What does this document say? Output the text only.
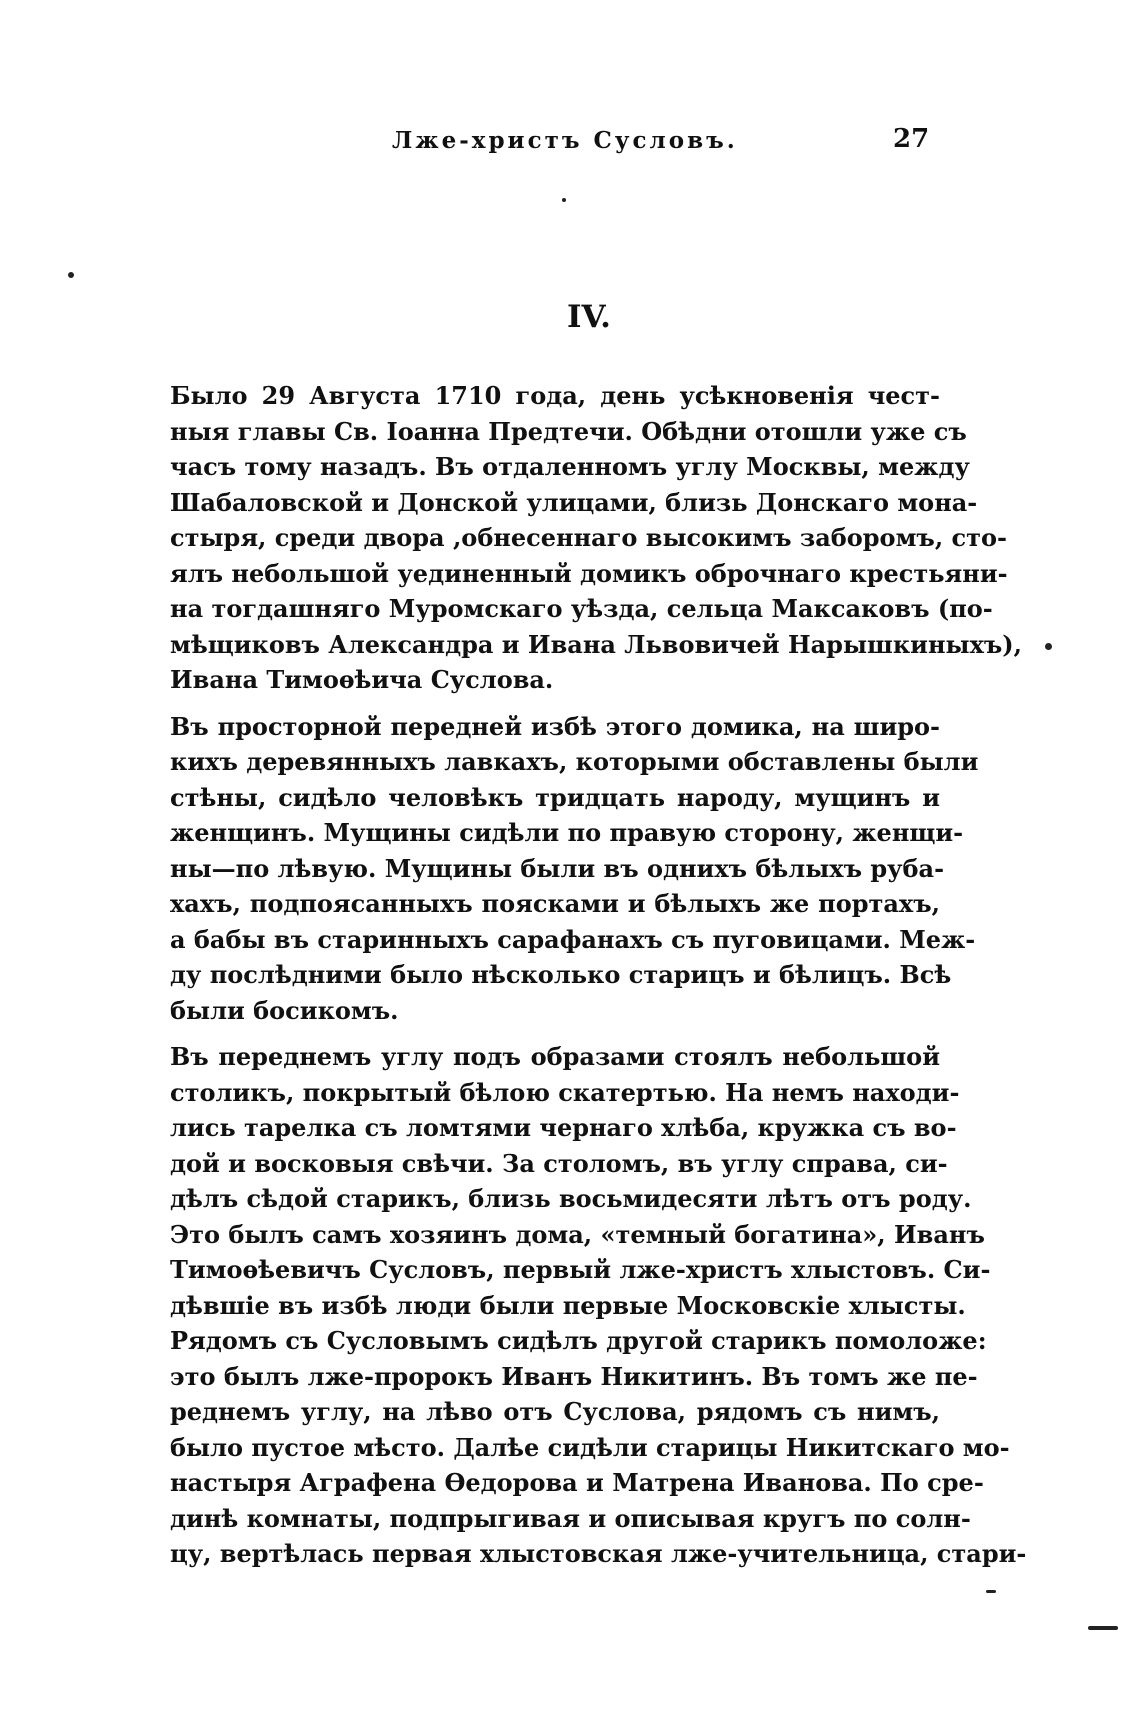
Лже-христъ Сусловъ.	27
IV.
Было 29 Августа 1710 года, день усѣкновенія чест-
ныя главы Св. Іоанна Предтечи. Обѣдни отошли уже съ
часъ тому назадъ. Въ отдаленномъ углу Москвы, между
Шабаловской и Донской улицами, близь Донскаго мона-
стыря, среди двора ,обнесеннаго высокимъ заборомъ, сто-
ялъ небольшой уединенный домикъ оброчнаго крестьяни-
на тогдашняго Муромскаго уѣзда, сельца Максаковъ (по-
мѣщиковъ Александра и Ивана Львовичей Нарышкиныхъ),
Ивана Тимоѳѣича Суслова.
Въ просторной передней избѣ этого домика, на широ-
кихъ деревянныхъ лавкахъ, которыми обставлены были
стѣны, сидѣло человѣкъ тридцать народу, мущинъ и
женщинъ. Мущины сидѣли по правую сторону, женщи-
ны—по лѣвую. Мущины были въ однихъ бѣлыхъ руба-
хахъ, подпоясанныхъ поясками и бѣлыхъ же портахъ,
а бабы въ старинныхъ сарафанахъ съ пуговицами. Меж-
ду послѣдними было нѣсколько старицъ и бѣлицъ. Всѣ
были босикомъ.
Въ переднемъ углу подъ образами стоялъ небольшой
столикъ, покрытый бѣлою скатертью. На немъ находи-
лись тарелка съ ломтями чернаго хлѣба, кружка съ во-
дой и восковыя свѣчи. За столомъ, въ углу справа, си-
дѣлъ сѣдой старикъ, близь восьмидесяти лѣтъ отъ роду.
Это былъ самъ хозяинъ дома, «темный богатина», Иванъ
Тимоѳѣевичъ Сусловъ, первый лже-христъ хлыстовъ. Си-
дѣвшіе въ избѣ люди были первые Московскіе хлысты.
Рядомъ съ Сусловымъ сидѣлъ другой старикъ помоложе:
это былъ лже-пророкъ Иванъ Никитинъ. Въ томъ же пе-
реднемъ углу, на лѣво отъ Суслова, рядомъ съ нимъ,
было пустое мѣсто. Далѣе сидѣли старицы Никитскаго мо-
настыря Аграфена Ѳедорова и Матрена Иванова. По сре-
динѣ комнаты, подпрыгивая и описывая кругъ по солн-
цу, вертѣлась первая хлыстовская лже-учительница, стари-
